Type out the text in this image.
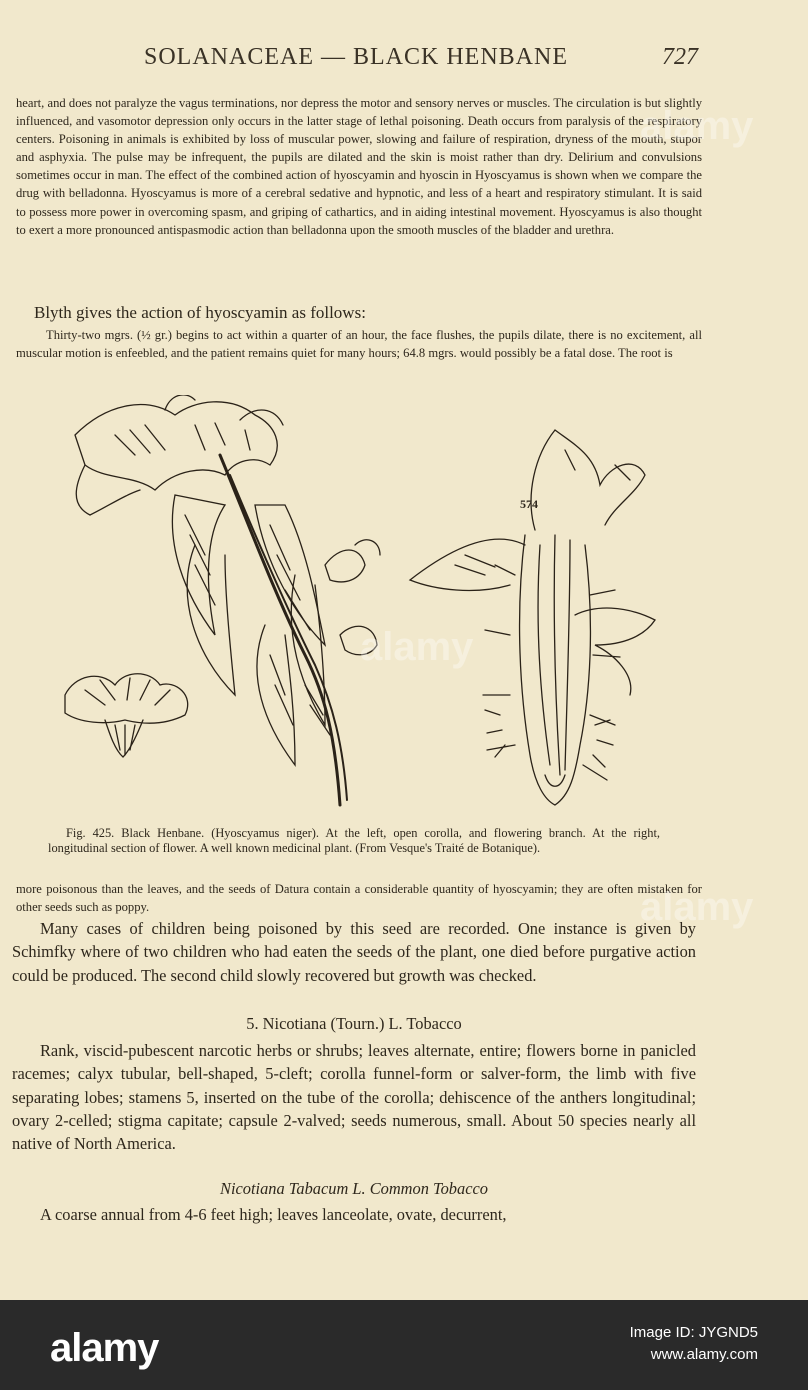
SOLANACEAE — BLACK HENBANE	727

heart, and does not paralyze the vagus terminations, nor depress the motor and sensory nerves or muscles. The circulation is but slightly influenced, and vasomotor depression only occurs in the latter stage of lethal poisoning. Death occurs from paralysis of the respiratory centers. Poisoning in animals is exhibited by loss of muscular power, slowing and failure of respiration, dryness of the mouth, stupor and asphyxia. The pulse may be infrequent, the pupils are dilated and the skin is moist rather than dry. Delirium and convulsions sometimes occur in man. The effect of the combined action of hyoscyamin and hyoscin in Hyoscyamus is shown when we compare the drug with belladonna. Hyoscyamus is more of a cerebral sedative and hypnotic, and less of a heart and respiratory stimulant. It is said to possess more power in overcoming spasm, and griping of cathartics, and in aiding intestinal movement. Hyoscyamus is also thought to exert a more pronounced antispasmodic action than belladonna upon the smooth muscles of the bladder and urethra.

Blyth gives the action of hyoscyamin as follows:

Thirty-two mgrs. (½ gr.) begins to act within a quarter of an hour, the face flushes, the pupils dilate, there is no excitement, all muscular motion is enfeebled, and the patient remains quiet for many hours; 64.8 mgrs. would possibly be a fatal dose. The root is

574

Fig. 425. Black Henbane. (Hyoscyamus niger). At the left, open corolla, and flowering branch. At the right, longitudinal section of flower. A well known medicinal plant. (From Vesque's Traité de Botanique).

more poisonous than the leaves, and the seeds of Datura contain a considerable quantity of hyoscyamin; they are often mistaken for other seeds such as poppy.

Many cases of children being poisoned by this seed are recorded. One instance is given by Schimfky where of two children who had eaten the seeds of the plant, one died before purgative action could be produced. The second child slowly recovered but growth was checked.

5. Nicotiana (Tourn.) L. Tobacco

Rank, viscid-pubescent narcotic herbs or shrubs; leaves alternate, entire; flowers borne in panicled racemes; calyx tubular, bell-shaped, 5-cleft; corolla funnel-form or salver-form, the limb with five separating lobes; stamens 5, inserted on the tube of the corolla; dehiscence of the anthers longitudinal; ovary 2-celled; stigma capitate; capsule 2-valved; seeds numerous, small. About 50 species nearly all native of North America.

Nicotiana Tabacum L. Common Tobacco

A coarse annual from 4-6 feet high; leaves lanceolate, ovate, decurrent,

alamy
alamy
alamy
alamy	Image ID: JYGND5
www.alamy.com
